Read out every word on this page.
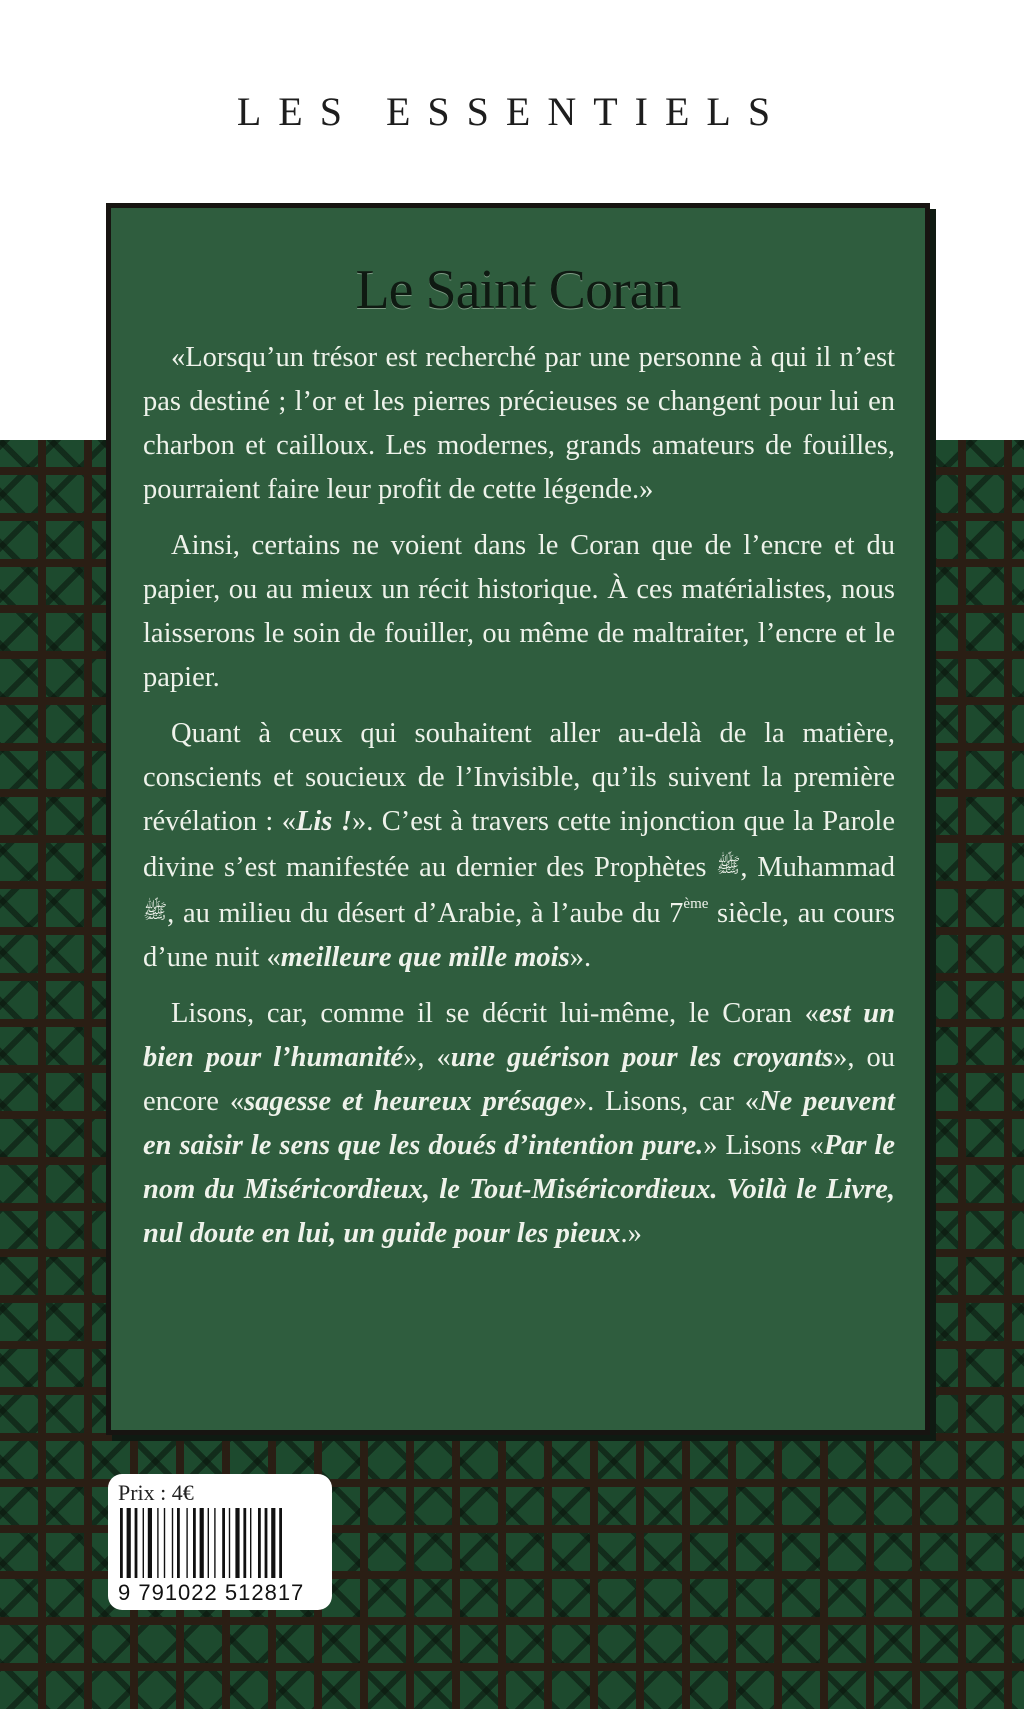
LES ESSENTIELS
Le Saint Coran

«Lorsqu’un trésor est recherché par une personne à qui il n’est pas destiné ; l’or et les pierres précieuses se changent pour lui en charbon et cailloux. Les modernes, grands amateurs de fouilles, pourraient faire leur profit de cette légende.»

Ainsi, certains ne voient dans le Coran que de l’encre et du papier, ou au mieux un récit historique. À ces matérialistes, nous laisserons le soin de fouiller, ou même de maltraiter, l’encre et le papier.

Quant à ceux qui souhaitent aller au-delà de la matière, conscients et soucieux de l’Invisible, qu’ils suivent la première révélation : «Lis !». C’est à travers cette injonction que la Parole divine s’est manifestée au dernier des Prophètes ﷺ, Muhammad ﷺ, au milieu du désert d’Arabie, à l’aube du 7ème siècle, au cours d’une nuit «meilleure que mille mois».

Lisons, car, comme il se décrit lui-même, le Coran «est un bien pour l’humanité», «une guérison pour les croyants», ou encore «sagesse et heureux présage». Lisons, car «Ne peuvent en saisir le sens que les doués d’intention pure.» Lisons «Par le nom du Miséricordieux, le Tout-Miséricordieux. Voilà le Livre, nul doute en lui, un guide pour les pieux.»

Prix : 4€
9 791022 512817
